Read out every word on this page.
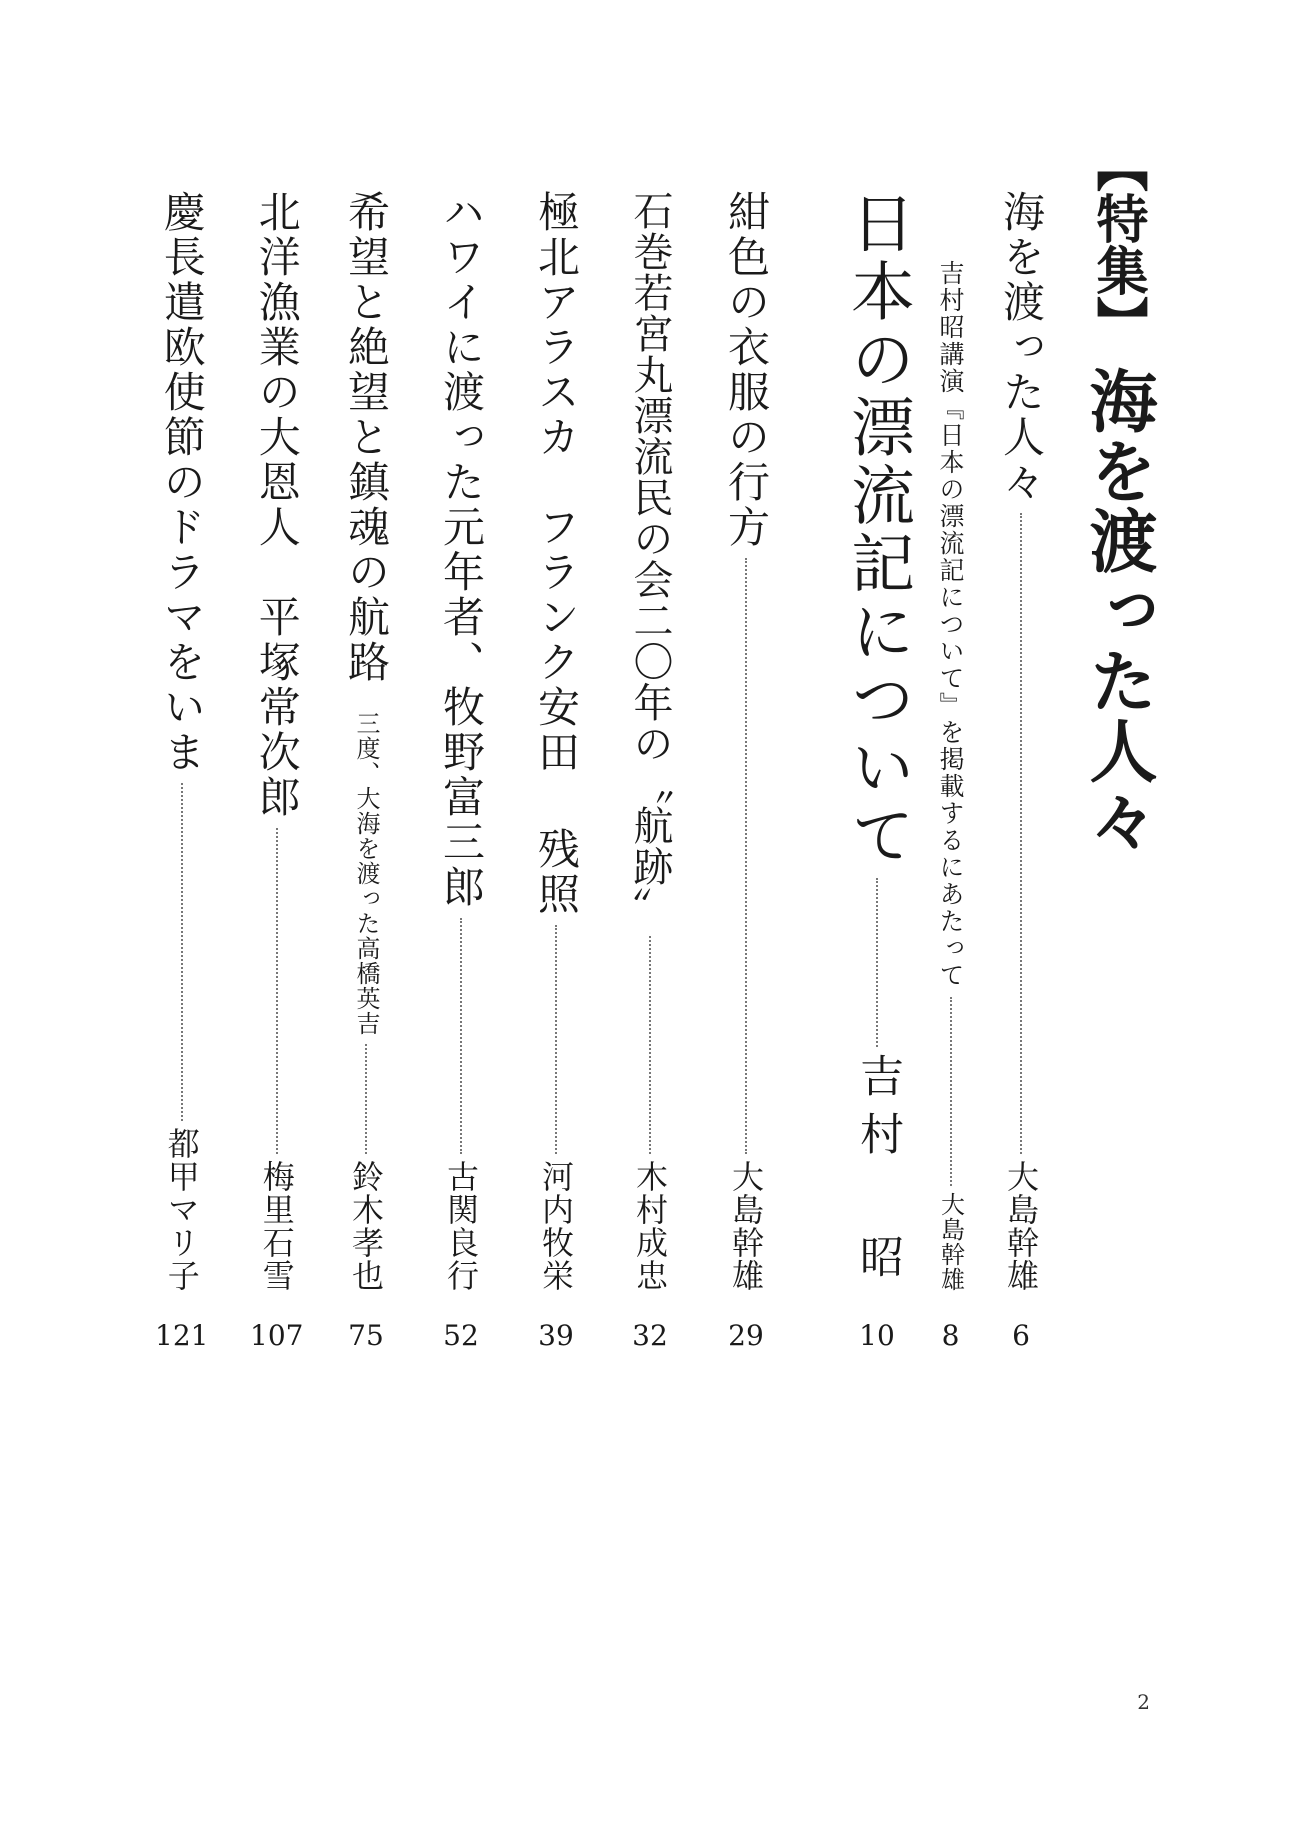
【特集】
海を渡った人々
海を渡った人々
大島幹雄
6
吉村昭講演『日本の漂流記について』を掲載するにあたって
大島幹雄
8
日本の漂流記について
吉村 昭
10
紺色の衣服の行方
大島幹雄
29
石巻若宮丸漂流民の会二〇年の〝航跡〟
木村成忠
32
極北アラスカ　フランク安田 残照
河内牧栄
39
ハワイに渡った元年者、牧野富三郎
古関良行
52
希望と絶望と鎮魂の航路
三度、大海を渡った高橋英吉
鈴木孝也
75
北洋漁業の大恩人　平塚常次郎
梅里石雪
107
慶長遣欧使節のドラマをいま
都甲マリ子
121
2
